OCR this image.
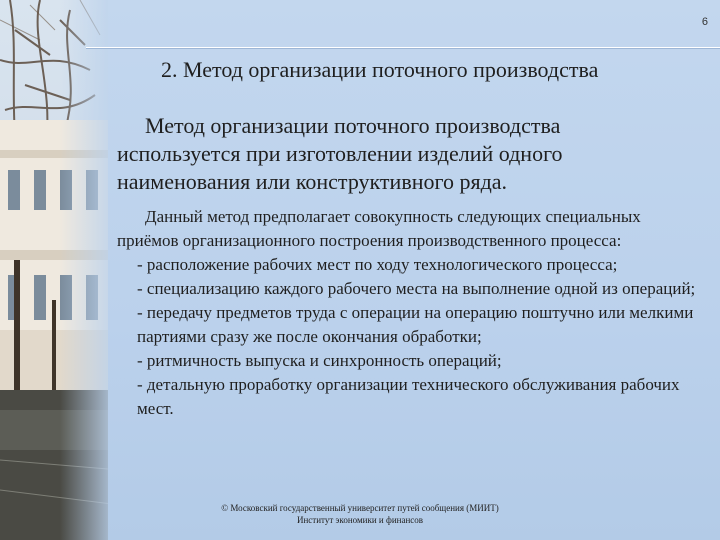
6
2. Метод организации поточного производства
Метод организации поточного производства используется при изготовлении изделий одного наименования или конструктивного ряда.

Данный метод предполагает совокупность следующих специальных приёмов организационного построения производственного процесса:

- расположение рабочих мест по ходу технологического процесса;

- специализацию каждого рабочего места на выполнение одной из операций;

- передачу предметов труда с операции на операцию поштучно или мелкими партиями сразу же после окончания обработки;

- ритмичность выпуска и синхронность операций;

- детальную проработку организации технического обслуживания рабочих мест.

© Московский государственный университет путей сообщения (МИИТ)
Институт экономики и финансов
